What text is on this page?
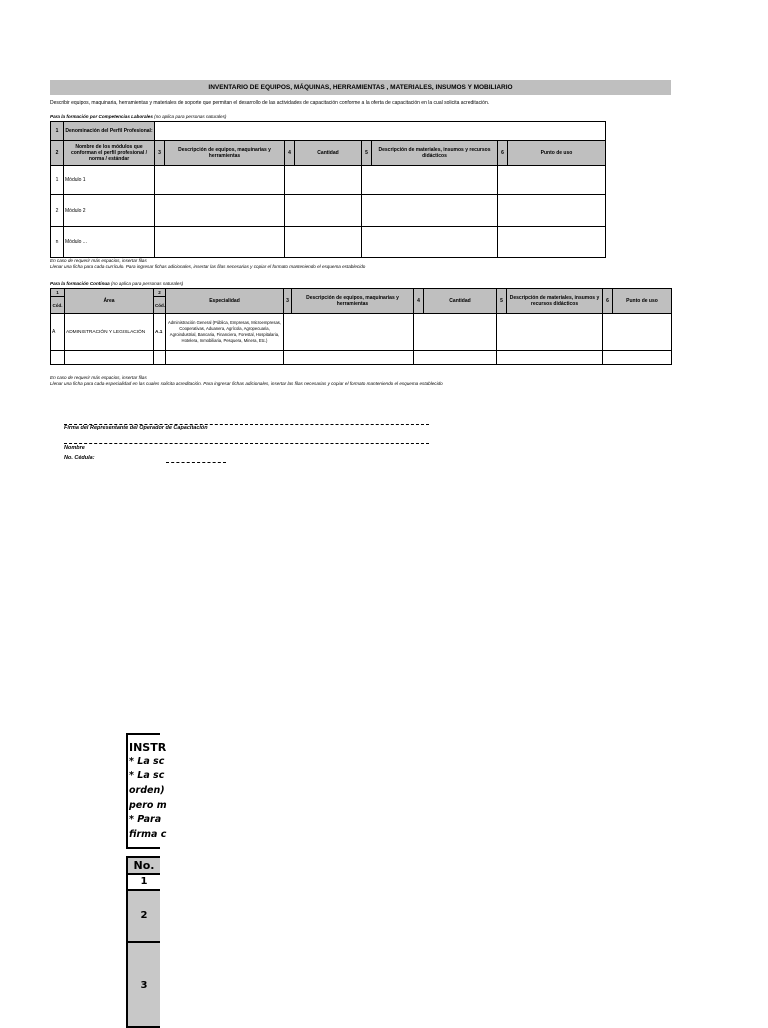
INVENTARIO DE EQUIPOS, MÁQUINAS, HERRAMIENTAS , MATERIALES, INSUMOS Y MOBILIARIO
Describir equipos, maquinaria, herramientas y materiales de soporte que permitan el desarrollo de las actividades de capacitación conforme a la oferta de capacitación en la cual solicita acreditación.
Para la formación por Competencias Laborales (no aplica para personas naturales)
1	Denominación del Perfil Profesional:								
2	Nombre de los módulos que conforman el perfil profesional / norma / estándar	3	Descripción de equipos, maquinarias y herramientas	4	Cantidad	5	Descripción de materiales, insumos y recursos didácticos	6	Punto de uso
1	Módulo 1								
2	Módulo 2								
n	Módulo ...								
En caso de requerir más espacios, insertar filas
Llenar una ficha para cada currículo. Para ingresar fichas adicionales, insertar las filas necesarias y copiar el formato manteniendo el esquema establecido
Para la formación Continua (no aplica para personas naturales)
1	Área	2	Especialidad	3	Descripción de equipos, maquinarias y herramientas	4	Cantidad	5	Descripción de materiales, insumos y recursos didácticos	6	Punto de uso
Cód.		Cód.									
A	ADMINISTRACIÓN Y LEGISLACIÓN	A.1	Administración General (Pública, Empresas, Microempresas, Cooperativas, Aduanera, Agrícola, Agropecuaria, Agroindustrial, Bancaria, Financiera, Forestal, Hospitalaria, Hotelera, Inmobiliaria, Pesquera, Minera, Etc.)								

En caso de requerir más espacios, insertar filas
Llenar una ficha para cada especialidad en las cuales solicita acreditación. Para ingresar fichas adicionales, insertar las filas necesarias y copiar el formato manteniendo el esquema establecido
Firma del Representante del Operador de Capacitación
Nombre
No. Cédula:
INSTR
* La sc
* La sc
orden)
pero m
* Para
firma c
No.
1
2
3
